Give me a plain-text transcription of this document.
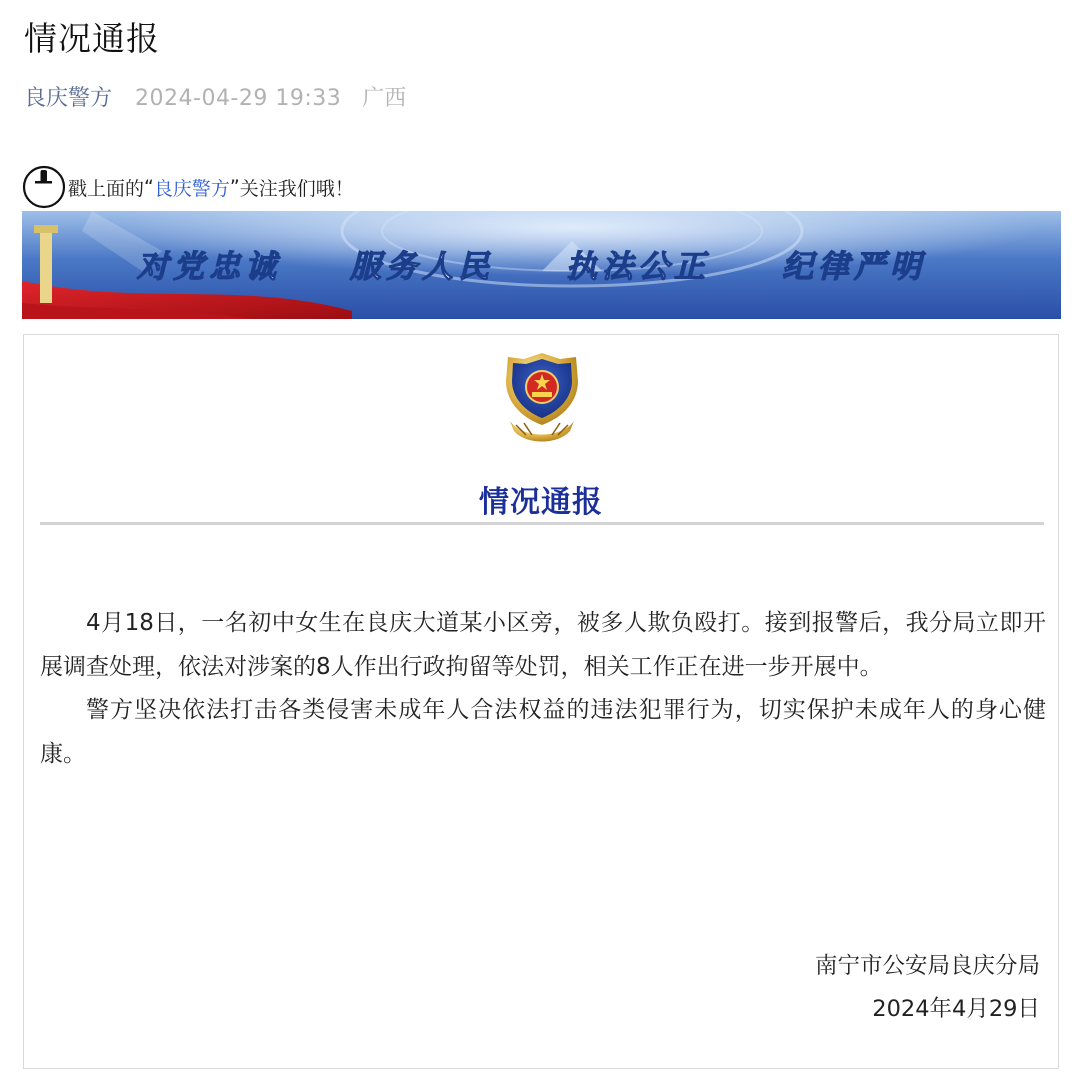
情况通报
良庆警方 2024-04-29 19:33 广西
戳上面的 “ 良庆警方 ” 关注我们哦！
对党忠诚 服务人民 执法公正 纪律严明
情况通报

4月18日，一名初中女生在良庆大道某小区旁，被多人欺负殴打。接到报警后，我分局立即开展调查处理，依法对涉案的8人作出行政拘留等处罚，相关工作正在进一步开展中。

警方坚决依法打击各类侵害未成年人合法权益的违法犯罪行为，切实保护未成年人的身心健康。

南宁市公安局良庆分局
2024年4月29日
